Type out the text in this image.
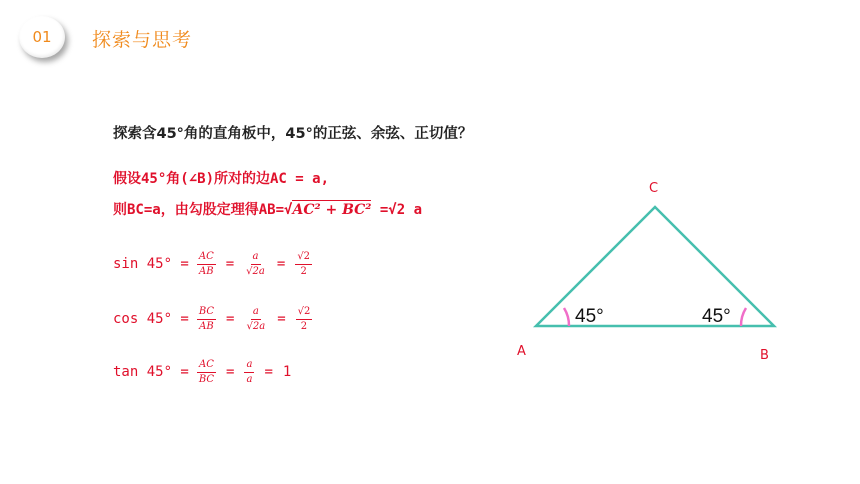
01	探索与思考
探索含45°角的直角板中，45°的正弦、余弦、正切值？
假设45°角(∠B)所对的边AC = a,
则BC=a，由勾股定理得AB=√AC² + BC² =√2 a
$\sin 45^\circ = \frac{AC}{AB} = \frac{a}{√2a} = \frac{√2}{2}$
$\cos 45^\circ = \frac{BC}{AB} = \frac{a}{√2a} = \frac{√2}{2}$
$\tan 45^\circ = \frac{AC}{BC} = \frac{a}{a} = 1$
A	B
C
45°	45°
